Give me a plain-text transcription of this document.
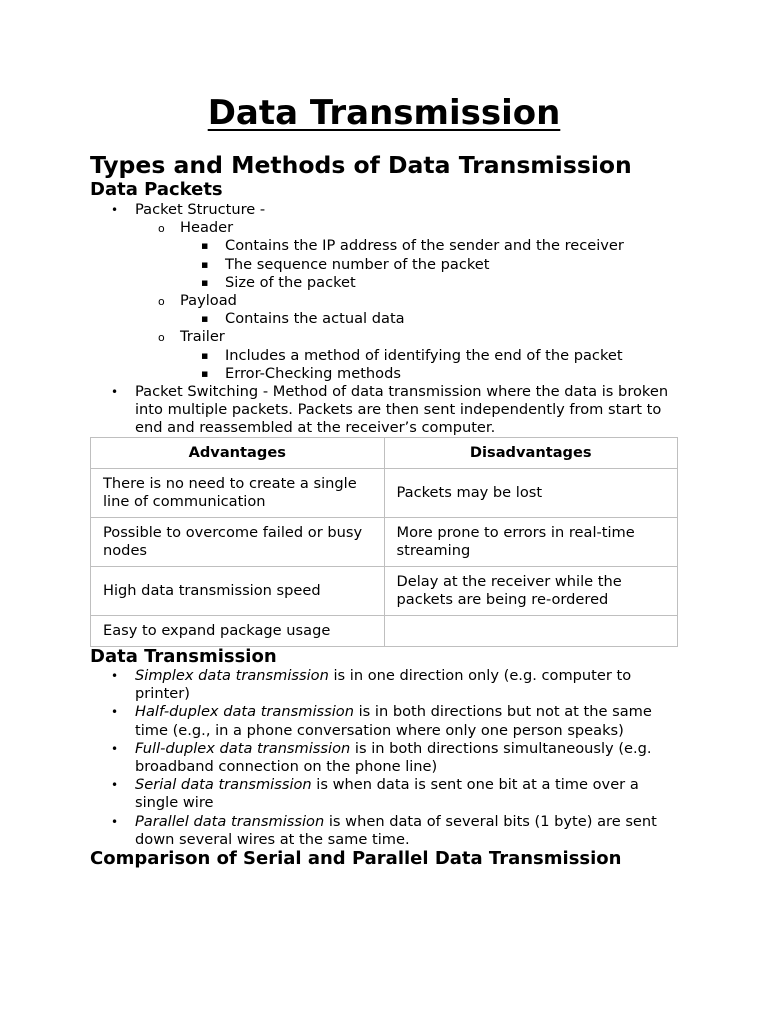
Data Transmission
Types and Methods of Data Transmission
Data Packets
• Packet Structure -
o Header
▪ Contains the IP address of the sender and the receiver
▪ The sequence number of the packet
▪ Size of the packet
o Payload
▪ Contains the actual data
o Trailer
▪ Includes a method of identifying the end of the packet
▪ Error-Checking methods
• Packet Switching - Method of data transmission where the data is broken into multiple packets. Packets are then sent independently from start to end and reassembled at the receiver’s computer.
Advantages	Disadvantages
There is no need to create a single line of communication	Packets may be lost
Possible to overcome failed or busy nodes	More prone to errors in real-time streaming
High data transmission speed	Delay at the receiver while the packets are being re-ordered
Easy to expand package usage	
Data Transmission
• Simplex data transmission is in one direction only (e.g. computer to printer)
• Half-duplex data transmission is in both directions but not at the same time (e.g., in a phone conversation where only one person speaks)
• Full-duplex data transmission is in both directions simultaneously (e.g. broadband connection on the phone line)
• Serial data transmission is when data is sent one bit at a time over a single wire
• Parallel data transmission is when data of several bits (1 byte) are sent down several wires at the same time.
Comparison of Serial and Parallel Data Transmission
